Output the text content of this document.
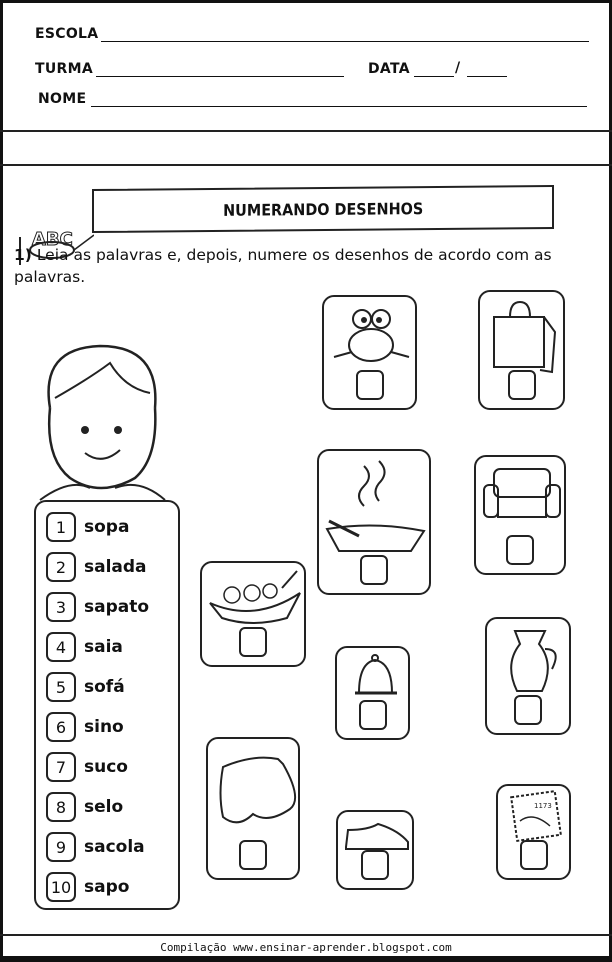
ESCOLA
TURMA	DATA	/
NOME
ABC
NUMERANDO DESENHOS
1) Leia as palavras e, depois, numere os desenhos de acordo com as palavras.
1	sopa
2	salada
3	sapato
4	saia
5	sofá
6	sino
7	suco
8	selo
9	sacola
10 sapo
1173
Compilação www.ensinar-aprender.blogspot.com
